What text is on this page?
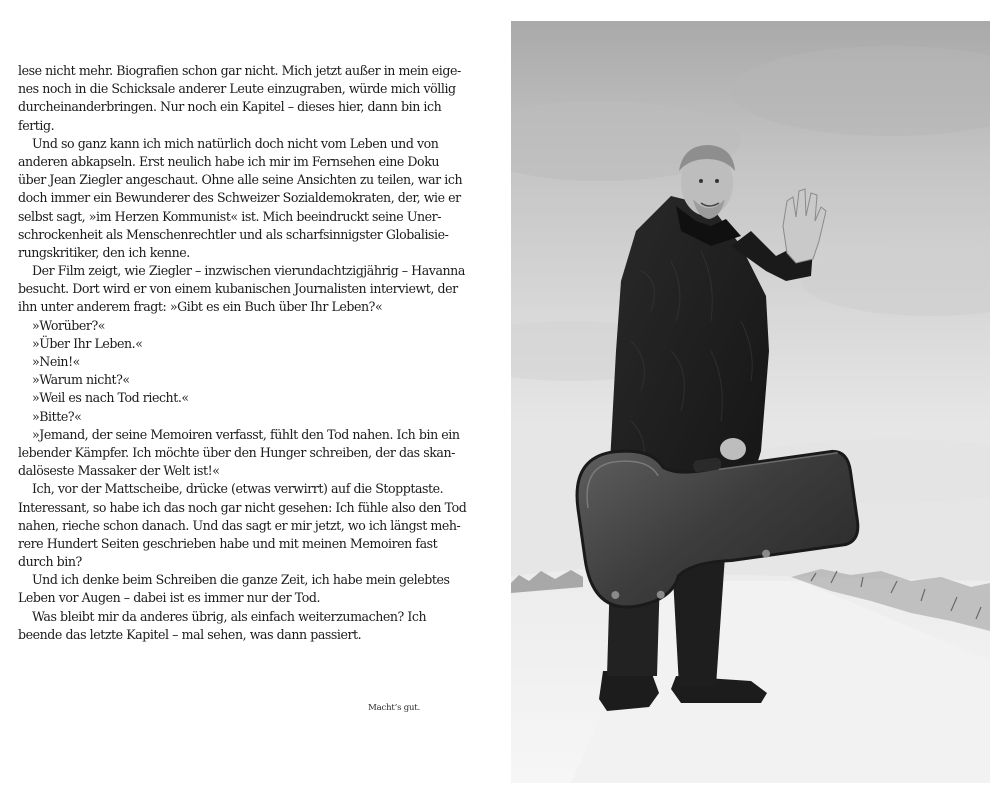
lese nicht mehr. Biografien schon gar nicht. Mich jetzt außer in mein eige-
nes noch in die Schicksale anderer Leute einzugraben, würde mich völlig
durcheinanderbringen. Nur noch ein Kapitel – dieses hier, dann bin ich
fertig.
Und so ganz kann ich mich natürlich doch nicht vom Leben und von
anderen abkapseln. Erst neulich habe ich mir im Fernsehen eine Doku
über Jean Ziegler angeschaut. Ohne alle seine Ansichten zu teilen, war ich
doch immer ein Bewunderer des Schweizer Sozialdemokraten, der, wie er
selbst sagt, »im Herzen Kommunist« ist. Mich beeindruckt seine Uner-
schrockenheit als Menschenrechtler und als scharfsinnigster Globalisie-
rungskritiker, den ich kenne.
Der Film zeigt, wie Ziegler – inzwischen vierundachtzigjährig – Havanna
besucht. Dort wird er von einem kubanischen Journalisten interviewt, der
ihn unter anderem fragt: »Gibt es ein Buch über Ihr Leben?«
»Worüber?«
»Über Ihr Leben.«
»Nein!«
»Warum nicht?«
»Weil es nach Tod riecht.«
»Bitte?«
»Jemand, der seine Memoiren verfasst, fühlt den Tod nahen. Ich bin ein
lebender Kämpfer. Ich möchte über den Hunger schreiben, der das skan-
dalöseste Massaker der Welt ist!«
Ich, vor der Mattscheibe, drücke (etwas verwirrt) auf die Stopptaste.
Interessant, so habe ich das noch gar nicht gesehen: Ich fühle also den Tod
nahen, rieche schon danach. Und das sagt er mir jetzt, wo ich längst meh-
rere Hundert Seiten geschrieben habe und mit meinen Memoiren fast
durch bin?
Und ich denke beim Schreiben die ganze Zeit, ich habe mein gelebtes
Leben vor Augen – dabei ist es immer nur der Tod.
Was bleibt mir da anderes übrig, als einfach weiterzumachen? Ich
beende das letzte Kapitel – mal sehen, was dann passiert.
Macht’s gut.
